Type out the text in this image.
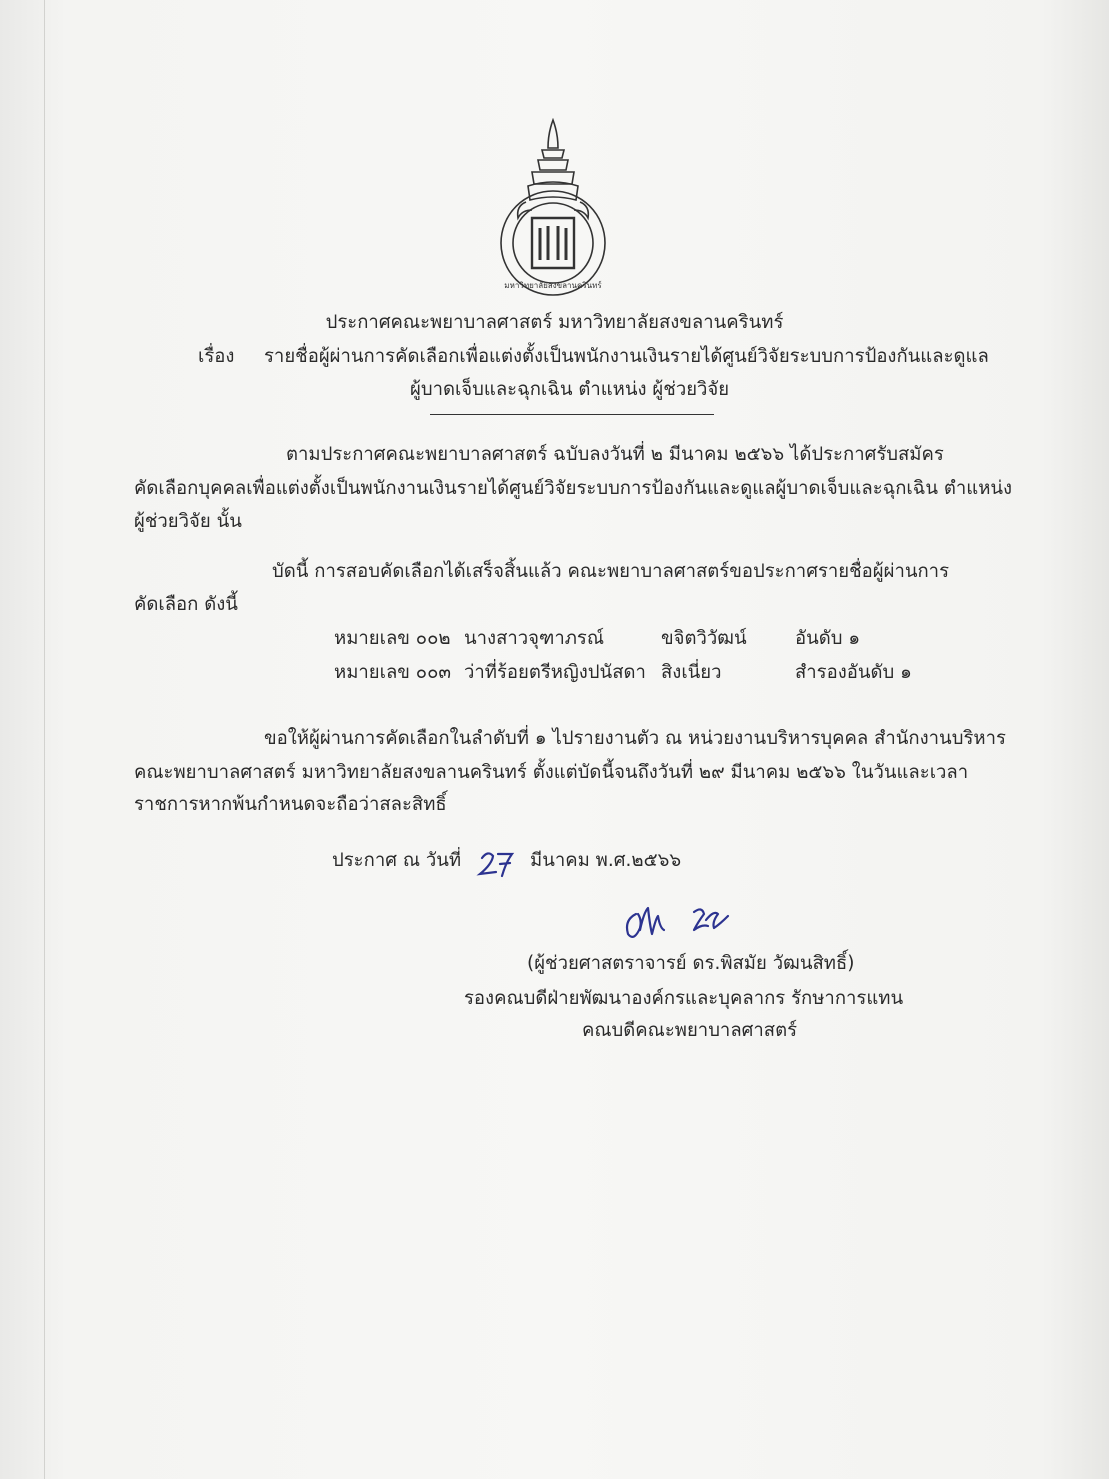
มหาวิทยาลัยสงขลานครินทร์
ประกาศคณะพยาบาลศาสตร์ มหาวิทยาลัยสงขลานครินทร์
เรื่อง รายชื่อผู้ผ่านการคัดเลือกเพื่อแต่งตั้งเป็นพนักงานเงินรายได้ศูนย์วิจัยระบบการป้องกันและดูแล
ผู้บาดเจ็บและฉุกเฉิน ตำแหน่ง ผู้ช่วยวิจัย
ตามประกาศคณะพยาบาลศาสตร์ ฉบับลงวันที่ ๒ มีนาคม ๒๕๖๖ ได้ประกาศรับสมัคร
คัดเลือกบุคคลเพื่อแต่งตั้งเป็นพนักงานเงินรายได้ศูนย์วิจัยระบบการป้องกันและดูแลผู้บาดเจ็บและฉุกเฉิน ตำแหน่ง
ผู้ช่วยวิจัย นั้น
บัดนี้ การสอบคัดเลือกได้เสร็จสิ้นแล้ว คณะพยาบาลศาสตร์ขอประกาศรายชื่อผู้ผ่านการ
คัดเลือก ดังนี้
หมายเลข ๐๐๒ นางสาวจุฑาภรณ์	ขจิตวิวัฒน์	อันดับ ๑
หมายเลข ๐๐๓ ว่าที่ร้อยตรีหญิงปนัสดา สิงเนี่ยว	สำรองอันดับ ๑
ขอให้ผู้ผ่านการคัดเลือกในลำดับที่ ๑ ไปรายงานตัว ณ หน่วยงานบริหารบุคคล สำนักงานบริหาร
คณะพยาบาลศาสตร์ มหาวิทยาลัยสงขลานครินทร์ ตั้งแต่บัดนี้จนถึงวันที่ ๒๙ มีนาคม ๒๕๖๖ ในวันและเวลา
ราชการหากพ้นกำหนดจะถือว่าสละสิทธิ์
ประกาศ ณ วันที่	มีนาคม พ.ศ.๒๕๖๖
(ผู้ช่วยศาสตราจารย์ ดร.พิสมัย วัฒนสิทธิ์)
รองคณบดีฝ่ายพัฒนาองค์กรและบุคลากร รักษาการแทน
คณบดีคณะพยาบาลศาสตร์
